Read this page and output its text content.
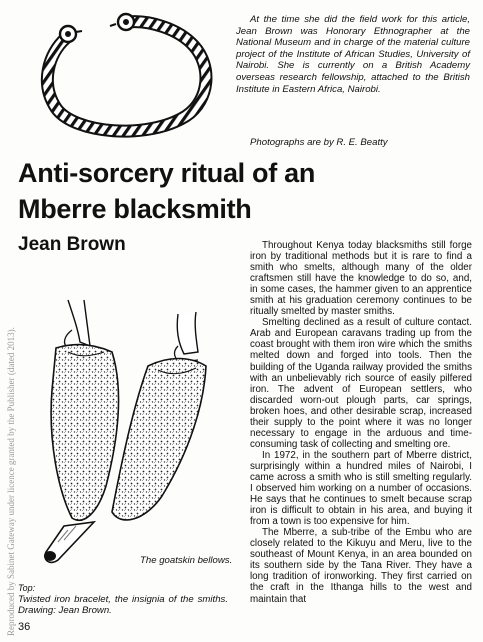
At the time she did the field work for this article, Jean Brown was Honorary Ethnographer at the National Museum and in charge of the material culture project of the Institute of African Studies, University of Nairobi. She is currently on a British Academy overseas research fellowship, attached to the British Institute in Eastern Africa, Nairobi.
Photographs are by R. E. Beatty
Anti-sorcery ritual of an
Mberre blacksmith
Jean Brown
The goatskin bellows.
Top:
Twisted iron bracelet, the insignia of the smiths. Drawing: Jean Brown.
36
Reproduced by Sabinet Gateway under licence granted by the Publisher (dated 2013).

Throughout Kenya today blacksmiths still forge iron by traditional methods but it is rare to find a smith who smelts, although many of the older craftsmen still have the knowledge to do so, and, in some cases, the hammer given to an apprentice smith at his graduation ceremony continues to be ritually smelted by master smiths.

Smelting declined as a result of culture contact. Arab and European caravans trading up from the coast brought with them iron wire which the smiths melted down and forged into tools. Then the building of the Uganda railway provided the smiths with an unbelievably rich source of easily pilfered iron. The advent of European settlers, who discarded worn-out plough parts, car springs, broken hoes, and other desirable scrap, increased their supply to the point where it was no longer necessary to engage in the arduous and time-consuming task of collecting and smelting ore.

In 1972, in the southern part of Mberre district, surprisingly within a hundred miles of Nairobi, I came across a smith who is still smelting regularly. I observed him working on a number of occasions. He says that he continues to smelt because scrap iron is difficult to obtain in his area, and buying it from a town is too expensive for him.

The Mberre, a sub-tribe of the Embu who are closely related to the Kikuyu and Meru, live to the southeast of Mount Kenya, in an area bounded on its southern side by the Tana River. They have a long tradition of ironworking. They first carried on the craft in the Ithanga hills to the west and maintain that
